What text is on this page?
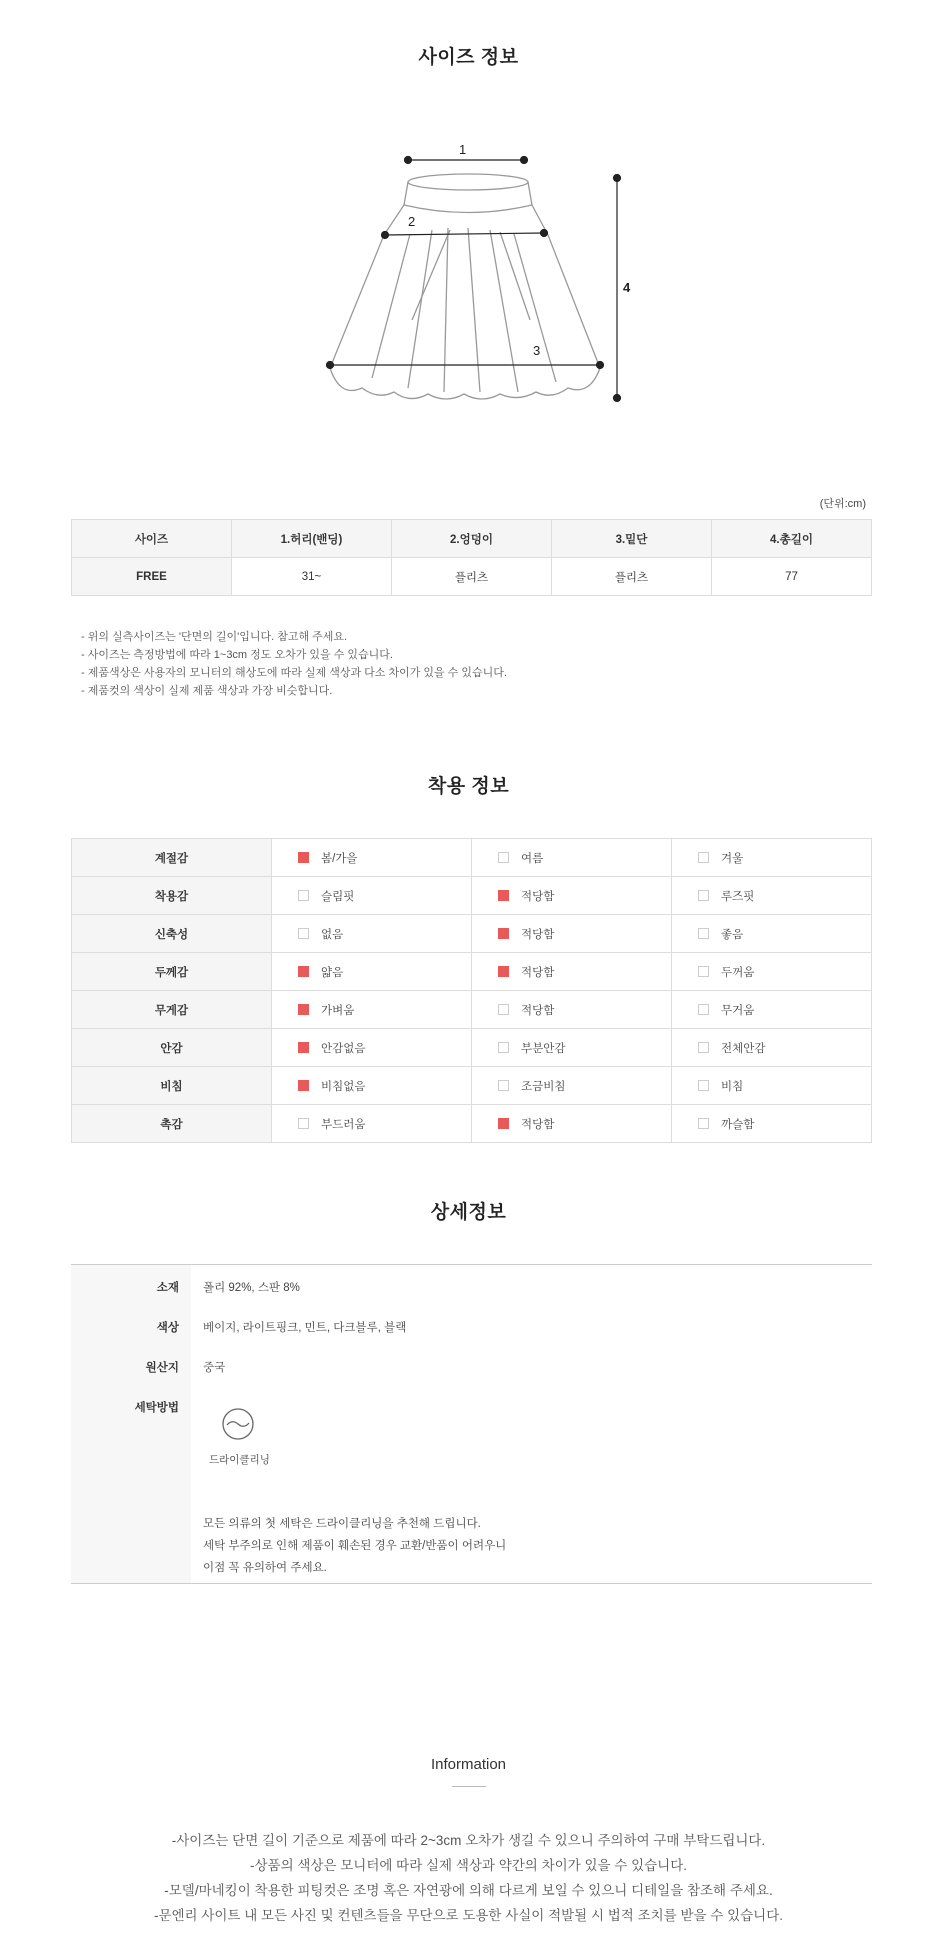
사이즈 정보
1
2
3
4
(단위:cm)
사이즈	1.허리(밴딩)	2.엉덩이	3.밑단	4.총길이
FREE	31~	플리츠	플리츠	77
- 위의 실측사이즈는 '단면의 길이'입니다. 참고해 주세요.
- 사이즈는 측정방법에 따라 1~3cm 정도 오차가 있을 수 있습니다.
- 제품색상은 사용자의 모니터의 해상도에 따라 실제 색상과 다소 차이가 있을 수 있습니다.
- 제품컷의 색상이 실제 제품 색상과 가장 비슷합니다.
착용 정보
계절감	봄/가을	여름	겨울
착용감	슬림핏	적당함	루즈핏
신축성	없음	적당함	좋음
두께감	얇음	적당함	두꺼움
무게감	가벼움	적당함	무거움
안감	안감없음	부분안감	전체안감
비침	비침없음	조금비침	비침
촉감	부드러움	적당함	까슬함
상세정보
소재 폴리 92%, 스판 8%
색상 베이지, 라이트핑크, 민트, 다크블루, 블랙
원산지 중국
세탁방법
드라이클리닝
모든 의류의 첫 세탁은 드라이클리닝을 추천해 드립니다.
세탁 부주의로 인해 제품이 훼손된 경우 교환/반품이 어려우니
이점 꼭 유의하여 주세요.
Information
-사이즈는 단면 길이 기준으로 제품에 따라 2~3cm 오차가 생길 수 있으니 주의하여 구매 부탁드립니다.
-상품의 색상은 모니터에 따라 실제 색상과 약간의 차이가 있을 수 있습니다.
-모델/마네킹이 착용한 피팅컷은 조명 혹은 자연광에 의해 다르게 보일 수 있으니 디테일을 참조해 주세요.
-문엔리 사이트 내 모든 사진 및 컨텐츠들을 무단으로 도용한 사실이 적발될 시 법적 조치를 받을 수 있습니다.
